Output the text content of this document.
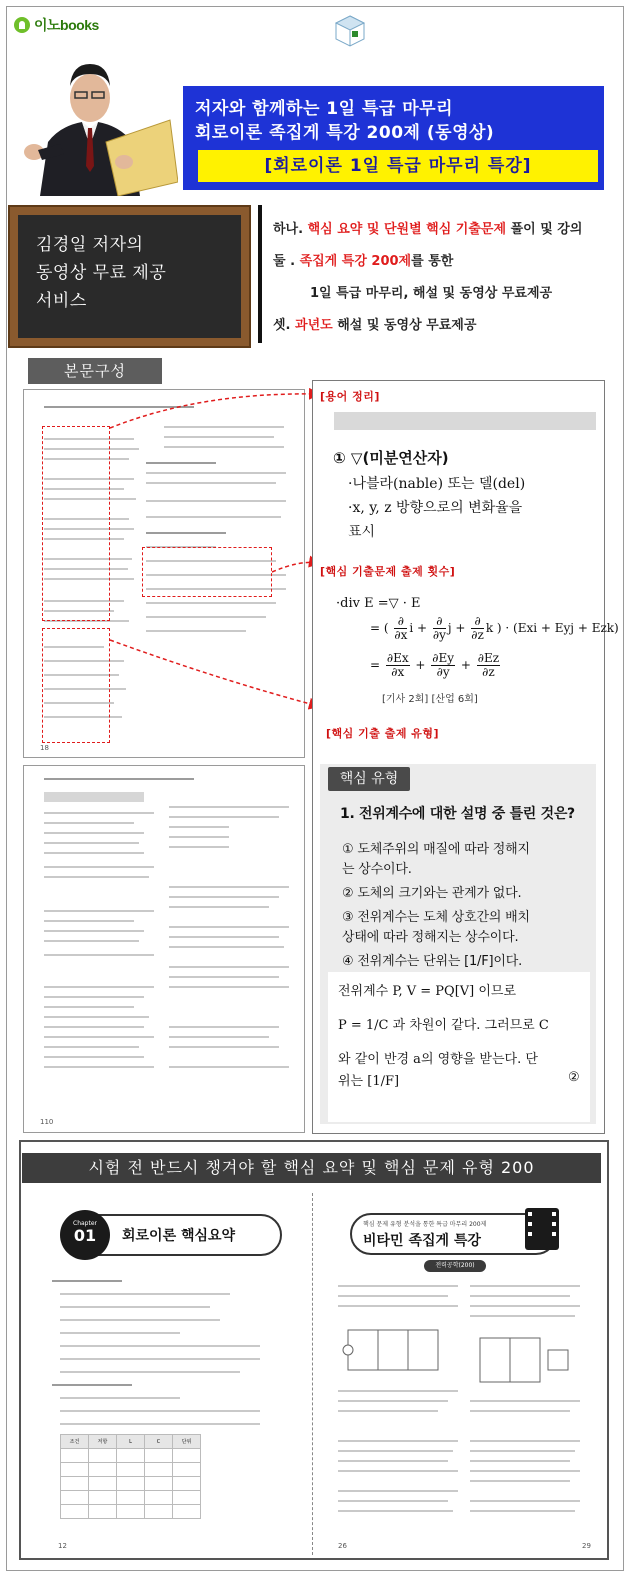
이노books
저자와 함께하는 1일 특급 마무리
회로이론 족집게 특강 200제 (동영상)
[회로이론 1일 특급 마무리 특강]
김경일 저자의
동영상 무료 제공
서비스
하나. 핵심 요약 및 단원별 핵심 기출문제 풀이 및 강의
둘 . 족집게 특강 200제를 통한
1일 특급 마무리, 해설 및 동영상 무료제공
셋. 과년도 해설 및 동영상 무료제공
본문구성
18
110
[용어 정리]
① ▽(미분연산자)
·나블라(nable) 또는 델(del)
·x, y, z 방향으로의 변화율을
표시
[핵심 기출문제 출제 횟수]
·div E =▽ · E
= ( $\frac{\partial}{\partial x}$ $i + \frac{\partial}{\partial y}$ $j + \frac{\partial}{\partial z}$ k ) · (Exi + Eyj + Ezk)
= $\frac{\partial Ex}{\partial x} + \frac{\partial Ey}{\partial y} + \frac{\partial Ez}{\partial z}$
[기사 2회] [산업 6회]
[핵심 기출 출제 유형]
핵심 유형
1. 전위계수에 대한 설명 중 틀린 것은?
① 도체주위의 매질에 따라 정해지
는 상수이다.
② 도체의 크기와는 관계가 없다.
③ 전위계수는 도체 상호간의 배치
상태에 따라 정해지는 상수이다.
④ 전위계수는 단위는 [1/F]이다.
전위계수 P, V = PQ[V] 이므로
P = 1/C 과 차원이 같다. 그러므로 C
와 같이 반경 a의 영향을 받는다. 단
위는 [1/F]	②
시험 전 반드시 챙겨야 할 핵심 요약 및 핵심 문제 유형 200
Chapter
01	회로이론 핵심요약
조건	저항	L	C	단위

12
핵심 문제 유형 분석을 통한 특급 마무리 200제
비타민 족집게 특강
전력공학(200)
26	29
